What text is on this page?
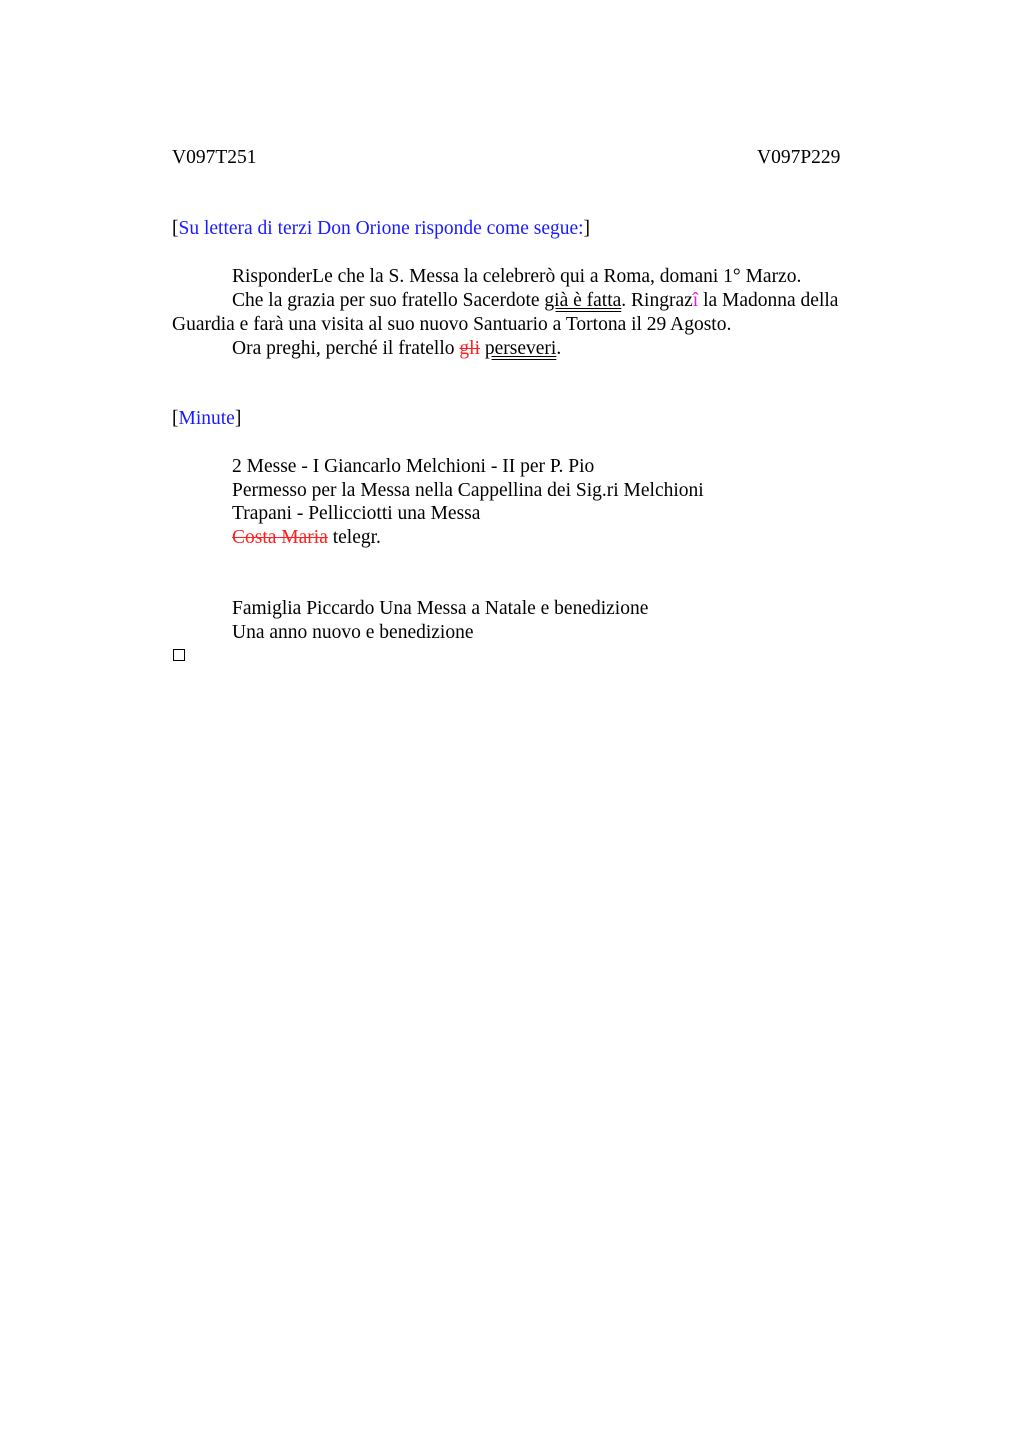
V097T251	V097P229
[Su lettera di terzi Don Orione risponde come segue:]
RisponderLe che la S. Messa la celebrerò qui a Roma, domani 1° Marzo.
Che la grazia per suo fratello Sacerdote già è fatta. Ringrazî la Madonna della
Guardia e farà una visita al suo nuovo Santuario a Tortona il 29 Agosto.
Ora preghi, perché il fratello gli perseveri.
[Minute]
2 Messe - I Giancarlo Melchioni - II per P. Pio
Permesso per la Messa nella Cappellina dei Sig.ri Melchioni
Trapani - Pellicciotti una Messa
Costa Maria telegr.
Famiglia Piccardo Una Messa a Natale e benedizione
Una anno nuovo e benedizione
